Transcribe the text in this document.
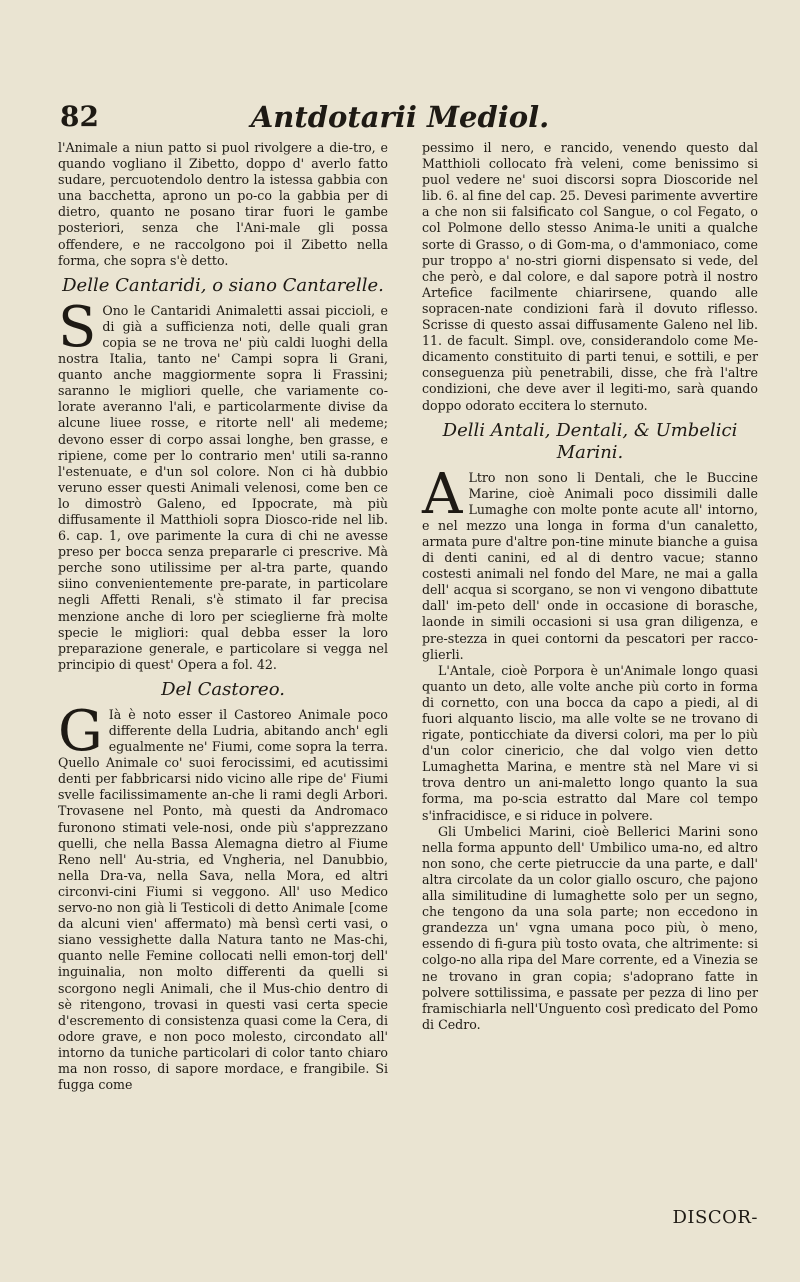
82	Antdotarii Mediol.

l'Animale a niun patto si puol rivolgere a die-tro, e quando vogliano il Zibetto, doppo d' averlo fatto sudare, percuotendolo dentro la istessa gabbia con una bacchetta, aprono un po-co la gabbia per di dietro, quanto ne posano tirar fuori le gambe posteriori, senza che l'Ani-male gli possa offendere, e ne raccolgono poi il Zibetto nella forma, che sopra s'è detto.

Delle Cantaridi, o siano Cantarelle.

S Ono le Cantaridi Animaletti assai piccioli, e di già a sufficienza noti, delle quali gran copia se ne trova ne' più caldi luoghi della nostra Italia, tanto ne' Campi sopra li Grani, quanto anche maggiormente sopra li Frassini; saranno le migliori quelle, che variamente co-lorate averanno l'ali, e particolarmente divise da alcune liuee rosse, e ritorte nell' ali medeme; devono esser di corpo assai longhe, ben grasse, e ripiene, come per lo contrario men' utili sa-ranno l'estenuate, e d'un sol colore. Non ci hà dubbio veruno esser questi Animali velenosi, come ben ce lo dimostrò Galeno, ed Ippocrate, mà più diffusamente il Matthioli sopra Diosco-ride nel lib. 6. cap. 1, ove parimente la cura di chi ne avesse preso per bocca senza prepararle ci prescrive. Mà perche sono utilissime per al-tra parte, quando siino convenientemente pre-parate, in particolare negli Affetti Renali, s'è stimato il far precisa menzione anche di loro per scieglierne frà molte specie le migliori: qual debba esser la loro preparazione generale, e particolare si vegga nel principio di quest' Opera a fol. 42.

Del Castoreo.

G Ià è noto esser il Castoreo Animale poco differente della Ludria, abitando anch' egli egualmente ne' Fiumi, come sopra la terra. Quello Animale co' suoi ferocissimi, ed acutissimi denti per fabbricarsi nido vicino alle ripe de' Fiumi svelle facilissimamente an-che li rami degli Arbori. Trovasene nel Ponto, mà questi da Andromaco furonono stimati vele-nosi, onde più s'apprezzano quelli, che nella Bassa Alemagna dietro al Fiume Reno nell' Au-stria, ed Vngheria, nel Danubbio, nella Dra-va, nella Sava, nella Mora, ed altri circonvi-cini Fiumi si veggono. All' uso Medico servo-no non già li Testicoli di detto Animale [come da alcuni vien' affermato) mà bensì certi vasi, o siano vessighette dalla Natura tanto ne Mas-chi, quanto nelle Femine collocati nelli emon-torj dell' inguinalia, non molto differenti da quelli si scorgono negli Animali, che il Mus-chio dentro di sè ritengono, trovasi in questi vasi certa specie d'escremento di consistenza quasi come la Cera, di odore grave, e non poco molesto, circondato all' intorno da tuniche particolari di color tanto chiaro ma non rosso, di sapore mordace, e frangibile. Si fugga come

pessimo il nero, e rancido, venendo questo dal Matthioli collocato frà veleni, come benissimo si puol vedere ne' suoi discorsi sopra Dioscoride nel lib. 6. al fine del cap. 25. Devesi parimente avvertire a che non sii falsificato col Sangue, o col Fegato, o col Polmone dello stesso Anima-le uniti a qualche sorte di Grasso, o di Gom-ma, o d'ammoniaco, come pur troppo a' no-stri giorni dispensato si vede, del che però, e dal colore, e dal sapore potrà il nostro Artefice facilmente chiarirsene, quando alle sopracen-nate condizioni farà il dovuto riflesso. Scrisse di questo assai diffusamente Galeno nel lib. 11. de facult. Simpl. ove, considerandolo come Me-dicamento constituito di parti tenui, e sottili, e per conseguenza più penetrabili, disse, che frà l'altre condizioni, che deve aver il legiti-mo, sarà quando doppo odorato eccitera lo sternuto.

Delli Antali, Dentali, & Umbelici Marini.

A Ltro non sono li Dentali, che le Buccine Marine, cioè Animali poco dissimili dalle Lumaghe con molte ponte acute all' intorno, e nel mezzo una longa in forma d'un canaletto, armata pure d'altre pon-tine minute bianche a guisa di denti canini, ed al di dentro vacue; stanno costesti animali nel fondo del Mare, ne mai a galla dell' acqua si scorgano, se non vi vengono dibattute dall' im-peto dell' onde in occasione di borasche, laonde in simili occasioni si usa gran diligenza, e pre-stezza in quei contorni da pescatori per racco-glierli.

L'Antale, cioè Porpora è un'Animale longo quasi quanto un deto, alle volte anche più corto in forma di cornetto, con una bocca da capo a piedi, al di fuori alquanto liscio, ma alle volte se ne trovano di rigate, ponticchiate da diversi colori, ma per lo più d'un color cinericio, che dal volgo vien detto Lumaghetta Marina, e mentre stà nel Mare vi si trova dentro un ani-maletto longo quanto la sua forma, ma po-scia estratto dal Mare col tempo s'infracidisce, e si riduce in polvere.

Gli Umbelici Marini, cioè Bellerici Marini sono nella forma appunto dell' Umbilico uma-no, ed altro non sono, che certe pietruccie da una parte, e dall' altra circolate da un color giallo oscuro, che pajono alla similitudine di lumaghette solo per un segno, che tengono da una sola parte; non eccedono in grandezza un' vgna umana poco più, ò meno, essendo di fi-gura più tosto ovata, che altrimente: si colgo-no alla ripa del Mare corrente, ed a Vinezia se ne trovano in gran copia; s'adoprano fatte in polvere sottilissima, e passate per pezza di lino per framischiarla nell'Unguento così predicato del Pomo di Cedro.

DISCOR-
